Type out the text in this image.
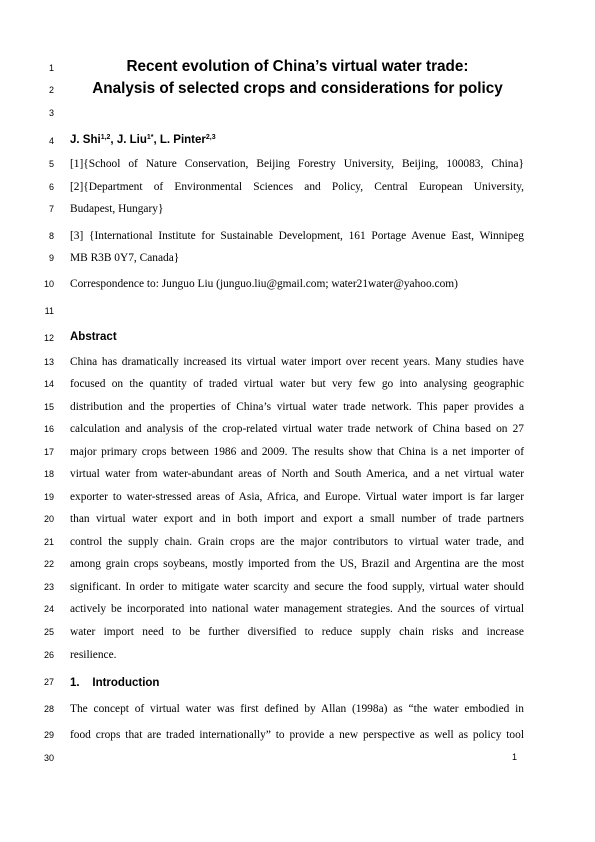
1
2
3
4
5
6
7
8
9
10
11
12
13
14
15
16
17
18
19
20
21
22
23
24
25
26
27
28
29
30
Recent evolution of China’s virtual water trade:
Analysis of selected crops and considerations for policy
J. Shi$^{1,2}$, J. Liu$^{1*}$, L. Pinter$^{2,3}$
[1]{School of Nature Conservation, Beijing Forestry University, Beijing, 100083, China}
[2]{Department of Environmental Sciences and Policy, Central European University,
Budapest, Hungary}
[3] {International Institute for Sustainable Development, 161 Portage Avenue East, Winnipeg
MB R3B 0Y7, Canada}
Correspondence to: Junguo Liu (junguo.liu@gmail.com; water21water@yahoo.com)
Abstract
China has dramatically increased its virtual water import over recent years. Many studies have
focused on the quantity of traded virtual water but very few go into analysing geographic
distribution and the properties of China’s virtual water trade network. This paper provides a
calculation and analysis of the crop-related virtual water trade network of China based on 27
major primary crops between 1986 and 2009. The results show that China is a net importer of
virtual water from water-abundant areas of North and South America, and a net virtual water
exporter to water-stressed areas of Asia, Africa, and Europe. Virtual water import is far larger
than virtual water export and in both import and export a small number of trade partners
control the supply chain. Grain crops are the major contributors to virtual water trade, and
among grain crops soybeans, mostly imported from the US, Brazil and Argentina are the most
significant. In order to mitigate water scarcity and secure the food supply, virtual water should
actively be incorporated into national water management strategies. And the sources of virtual
water import need to be further diversified to reduce supply chain risks and increase
resilience.
1. Introduction
The concept of virtual water was first defined by Allan (1998a) as “the water embodied in
food crops that are traded internationally” to provide a new perspective as well as policy tool
1
